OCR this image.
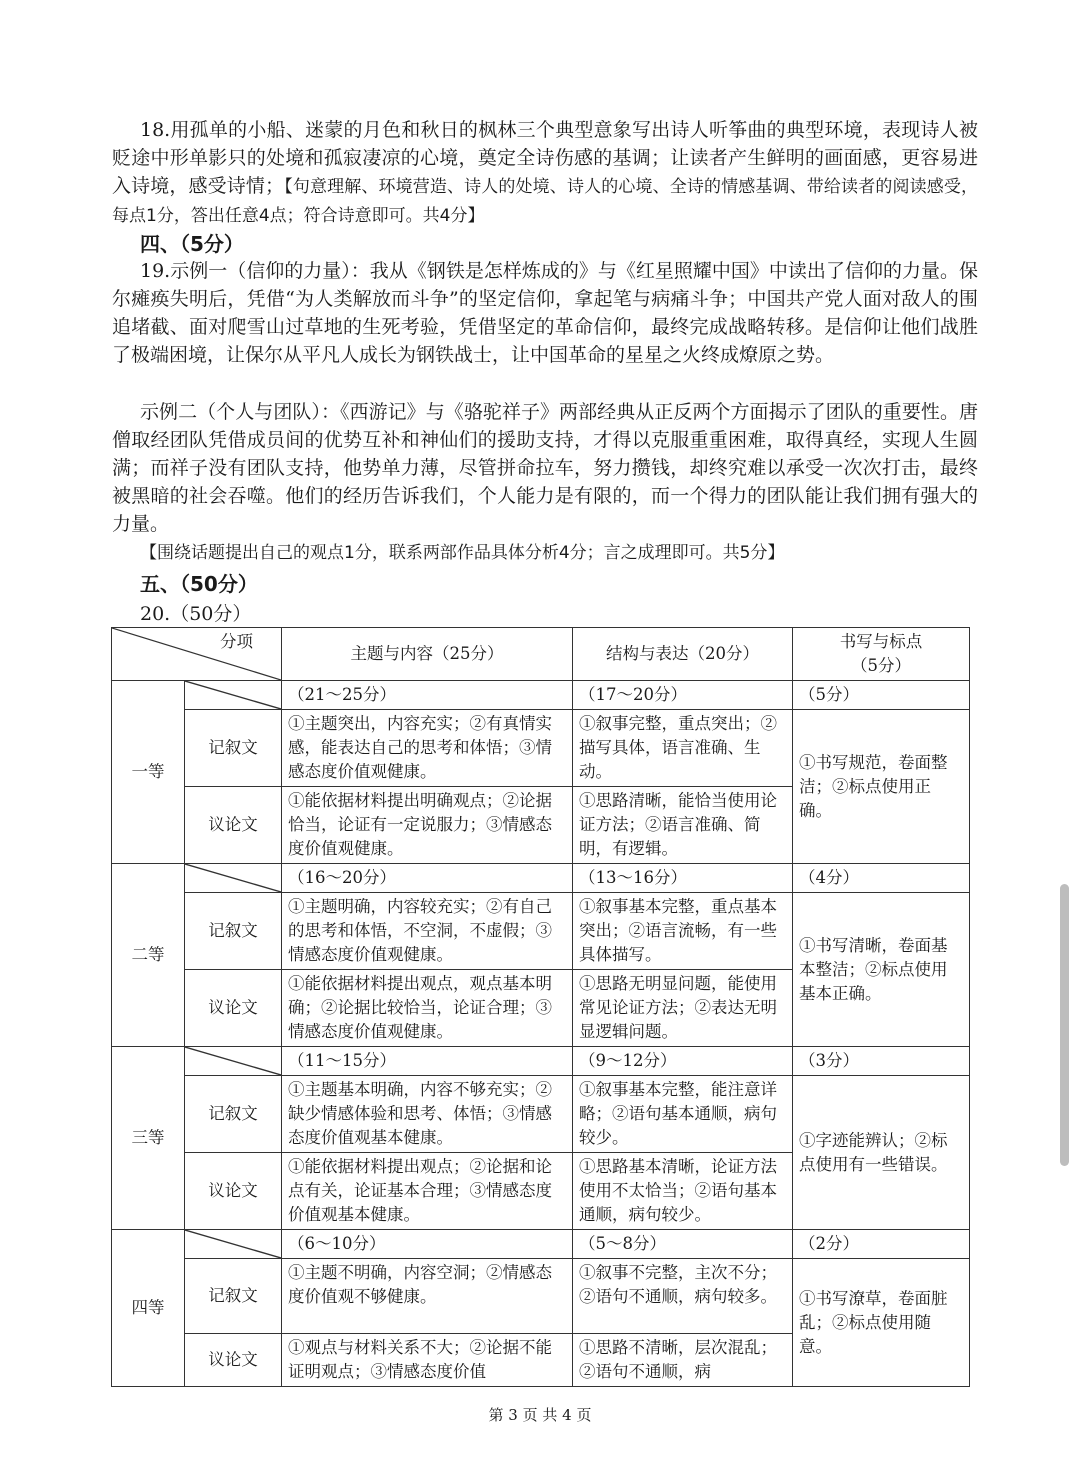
18.用孤单的小船、迷蒙的月色和秋日的枫林三个典型意象写出诗人听筝曲的典型环境，表现诗人被贬途中形单影只的处境和孤寂凄凉的心境，奠定全诗伤感的基调；让读者产生鲜明的画面感，更容易进入诗境，感受诗情；【句意理解、环境营造、诗人的处境、诗人的心境、全诗的情感基调、带给读者的阅读感受，每点1分，答出任意4点；符合诗意即可。共4分】

四、（5分）

19.示例一（信仰的力量）：我从《钢铁是怎样炼成的》与《红星照耀中国》中读出了信仰的力量。保尔瘫痪失明后，凭借“为人类解放而斗争”的坚定信仰，拿起笔与病痛斗争；中国共产党人面对敌人的围追堵截、面对爬雪山过草地的生死考验，凭借坚定的革命信仰，最终完成战略转移。是信仰让他们战胜了极端困境，让保尔从平凡人成长为钢铁战士，让中国革命的星星之火终成燎原之势。

示例二（个人与团队）：《西游记》与《骆驼祥子》两部经典从正反两个方面揭示了团队的重要性。唐僧取经团队凭借成员间的优势互补和神仙们的援助支持，才得以克服重重困难，取得真经，实现人生圆满；而祥子没有团队支持，他势单力薄，尽管拼命拉车，努力攒钱，却终究难以承受一次次打击，最终被黑暗的社会吞噬。他们的经历告诉我们，个人能力是有限的，而一个得力的团队能让我们拥有强大的力量。

【围绕话题提出自己的观点1分，联系两部作品具体分析4分；言之成理即可。共5分】

五、（50分）

20.（50分）

分项		主题与内容（25分）	结构与表达（20分）	书写与标点
（5分）
一等		（21～25分）	（17～20分）	（5分）
	记叙文	①主题突出，内容充实；②有真情实感，能表达自己的思考和体悟；③情感态度价值观健康。	①叙事完整，重点突出；②描写具体，语言准确、生动。	①书写规范，卷面整洁；②标点使用正确。
	议论文	①能依据材料提出明确观点；②论据恰当，论证有一定说服力；③情感态度价值观健康。	①思路清晰，能恰当使用论证方法；②语言准确、简明，有逻辑。	
二等		（16～20分）	（13～16分）	（4分）
	记叙文	①主题明确，内容较充实；②有自己的思考和体悟，不空洞，不虚假；③情感态度价值观健康。	①叙事基本完整，重点基本突出；②语言流畅，有一些具体描写。	①书写清晰，卷面基本整洁；②标点使用基本正确。
	议论文	①能依据材料提出观点，观点基本明确；②论据比较恰当，论证合理；③情感态度价值观健康。	①思路无明显问题，能使用常见论证方法；②表达无明显逻辑问题。	
三等		（11～15分）	（9～12分）	（3分）
	记叙文	①主题基本明确，内容不够充实；②缺少情感体验和思考、体悟；③情感态度价值观基本健康。	①叙事基本完整，能注意详略；②语句基本通顺，病句较少。	①字迹能辨认；②标点使用有一些错误。
	议论文	①能依据材料提出观点；②论据和论点有关，论证基本合理；③情感态度价值观基本健康。	①思路基本清晰，论证方法使用不太恰当；②语句基本通顺，病句较少。	
四等		（6～10分）	（5～8分）	（2分）
	记叙文	①主题不明确，内容空洞；②情感态度价值观不够健康。	①叙事不完整，主次不分；②语句不通顺，病句较多。	①书写潦草，卷面脏乱；②标点使用随意。
	议论文	①观点与材料关系不大；②论据不能证明观点；③情感态度价值	①思路不清晰，层次混乱；②语句不通顺，病	
第 3 页 共 4 页
